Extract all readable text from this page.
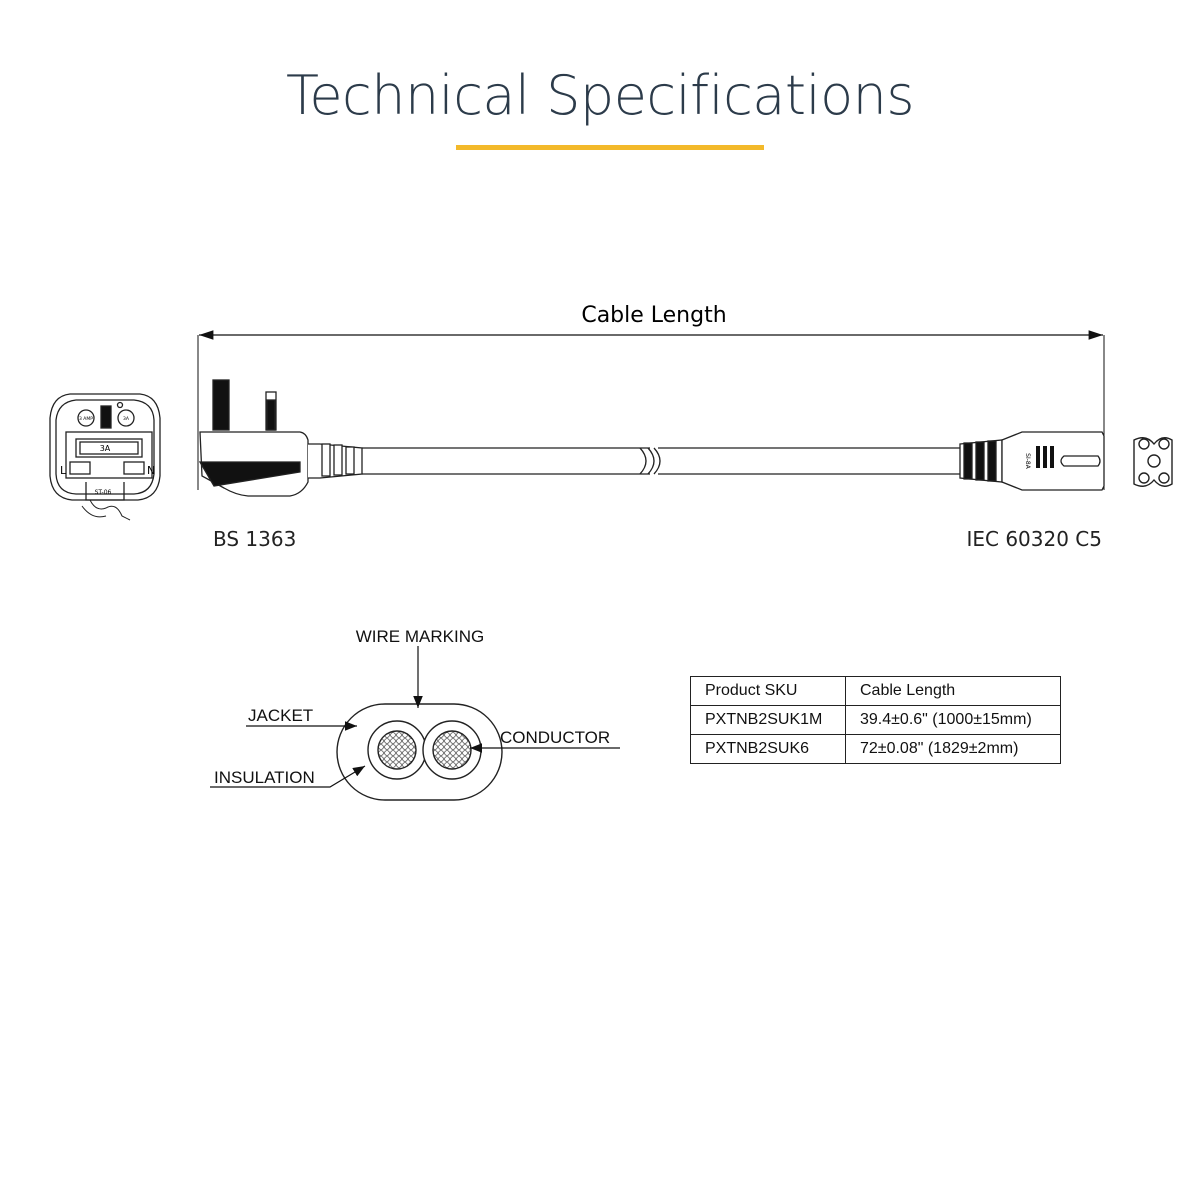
Technical Specifications
Cable Length
3A
L	N
ST-06
3 AMP	3A
SI-8A
BS 1363	IEC 60320 C5
WIRE MARKING
JACKET
INSULATION
CONDUCTOR
Product SKU	Cable Length
PXTNB2SUK1M	39.4±0.6" (1000±15mm)
PXTNB2SUK6	72±0.08" (1829±2mm)
